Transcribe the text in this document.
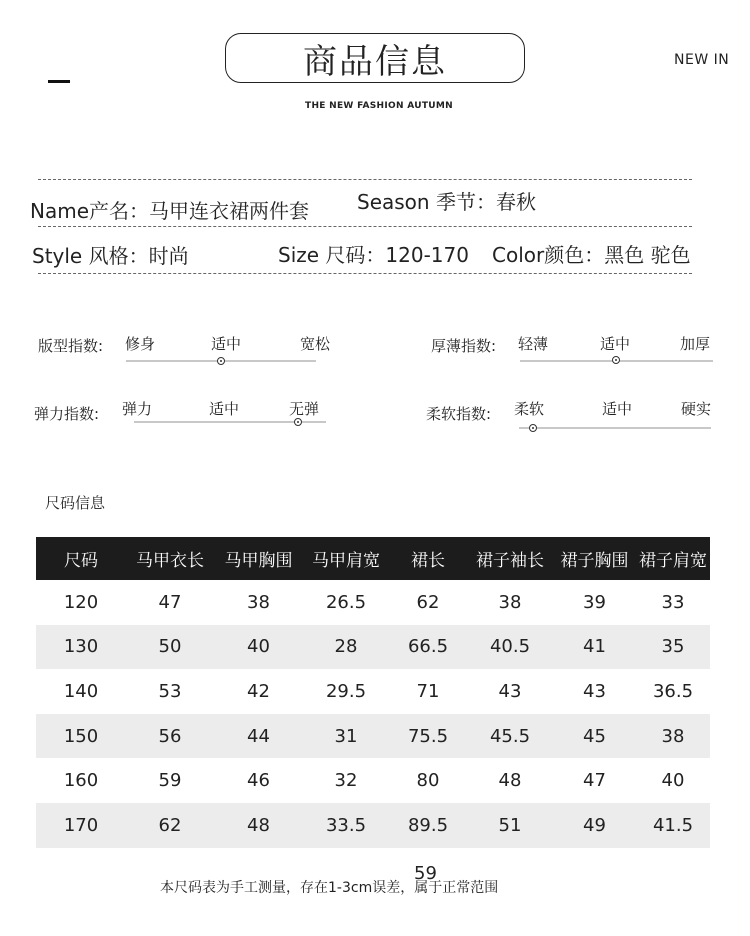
商品信息	NEW IN
THE NEW FASHION AUTUMN
Name产名：马甲连衣裙两件套 Season 季节：春秋
Style 风格：时尚	Size 尺码：120-170 Color颜色：黑色 驼色
版型指数: 修身	适中	宽松	厚薄指数: 轻薄	适中	加厚
弹力指数: 弹力	适中	无弹	柔软指数: 柔软	适中	硬实
尺码信息
尺码	马甲衣长	马甲胸围	马甲肩宽	裙长	裙子袖长	裙子胸围	裙子肩宽
120	47	38	26.5	62	38	39	33
130	50	40	28	66.5	40.5	41	35
140	53	42	29.5	71	43	43	36.5
150	56	44	31	75.5	45.5	45	38
160	59	46	32	80	48	47	40
170	62	48	33.5	89.5	51	49	41.5
59
本尺码表为手工测量，存在1-3cm误差，属于正常范围
